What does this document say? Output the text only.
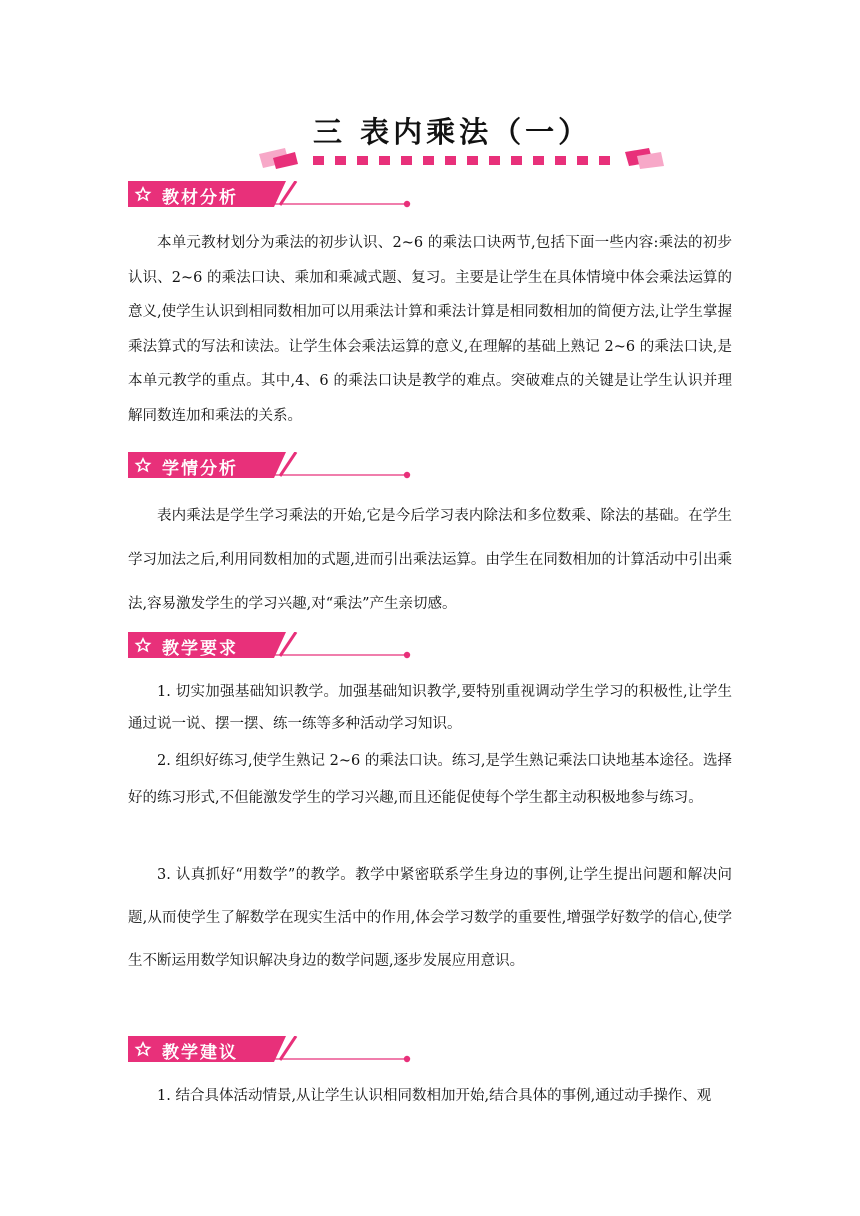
三 表内乘法（一）
教材分析

本单元教材划分为乘法的初步认识、2~6 的乘法口诀两节,包括下面一些内容:乘法的初步认识、2~6 的乘法口诀、乘加和乘减式题、复习。主要是让学生在具体情境中体会乘法运算的意义,使学生认识到相同数相加可以用乘法计算和乘法计算是相同数相加的简便方法,让学生掌握乘法算式的写法和读法。让学生体会乘法运算的意义,在理解的基础上熟记 2~6 的乘法口诀,是本单元教学的重点。其中,4、6 的乘法口诀是教学的难点。突破难点的关键是让学生认识并理解同数连加和乘法的关系。

学情分析

表内乘法是学生学习乘法的开始,它是今后学习表内除法和多位数乘、除法的基础。在学生学习加法之后,利用同数相加的式题,进而引出乘法运算。由学生在同数相加的计算活动中引出乘法,容易激发学生的学习兴趣,对“乘法”产生亲切感。

教学要求

1. 切实加强基础知识教学。加强基础知识教学,要特别重视调动学生学习的积极性,让学生通过说一说、摆一摆、练一练等多种活动学习知识。

2. 组织好练习,使学生熟记 2~6 的乘法口诀。练习,是学生熟记乘法口诀地基本途径。选择好的练习形式,不但能激发学生的学习兴趣,而且还能促使每个学生都主动积极地参与练习。

3. 认真抓好“用数学”的教学。教学中紧密联系学生身边的事例,让学生提出问题和解决问题,从而使学生了解数学在现实生活中的作用,体会学习数学的重要性,增强学好数学的信心,使学生不断运用数学知识解决身边的数学问题,逐步发展应用意识。

教学建议

1. 结合具体活动情景,从让学生认识相同数相加开始,结合具体的事例,通过动手操作、观
